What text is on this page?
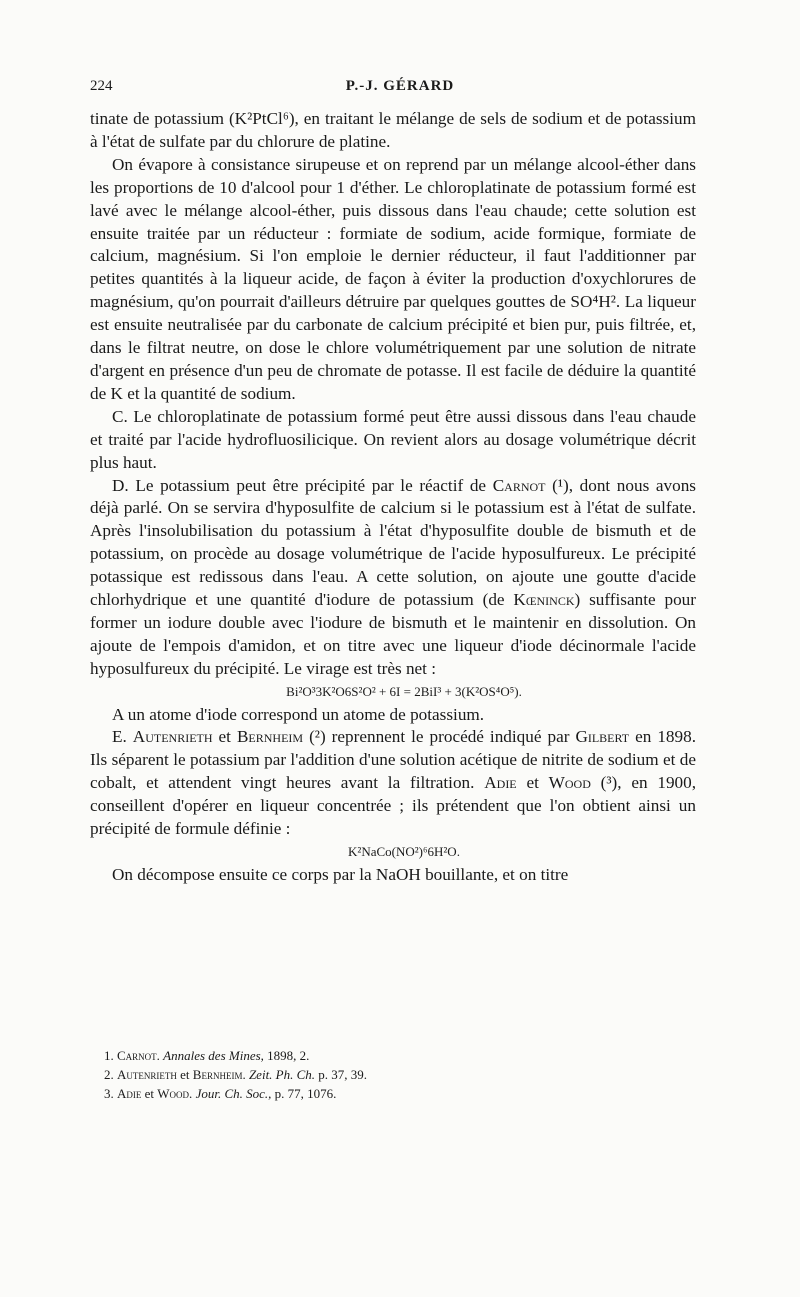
224	P.-J. GÉRARD

tinate de potassium (K²PtCl⁶), en traitant le mélange de sels de sodium et de potassium à l'état de sulfate par du chlorure de platine.

On évapore à consistance sirupeuse et on reprend par un mélange alcool-éther dans les proportions de 10 d'alcool pour 1 d'éther. Le chloroplatinate de potassium formé est lavé avec le mélange alcool-éther, puis dissous dans l'eau chaude; cette solution est ensuite traitée par un réducteur : formiate de sodium, acide formique, formiate de calcium, magnésium. Si l'on emploie le dernier réducteur, il faut l'additionner par petites quantités à la liqueur acide, de façon à éviter la production d'oxychlorures de magnésium, qu'on pourrait d'ailleurs détruire par quelques gouttes de SO⁴H². La liqueur est ensuite neutralisée par du carbonate de calcium précipité et bien pur, puis filtrée, et, dans le filtrat neutre, on dose le chlore volumétriquement par une solution de nitrate d'argent en présence d'un peu de chromate de potasse. Il est facile de déduire la quantité de K et la quantité de sodium.

C. Le chloroplatinate de potassium formé peut être aussi dissous dans l'eau chaude et traité par l'acide hydrofluosilicique. On revient alors au dosage volumétrique décrit plus haut.

D. Le potassium peut être précipité par le réactif de Carnot (¹), dont nous avons déjà parlé. On se servira d'hyposulfite de calcium si le potassium est à l'état de sulfate. Après l'insolubilisation du potassium à l'état d'hyposulfite double de bismuth et de potassium, on procède au dosage volumétrique de l'acide hyposulfureux. Le précipité potassique est redissous dans l'eau. A cette solution, on ajoute une goutte d'acide chlorhydrique et une quantité d'iodure de potassium (de Kœninck) suffisante pour former un iodure double avec l'iodure de bismuth et le maintenir en dissolution. On ajoute de l'empois d'amidon, et on titre avec une liqueur d'iode décinormale l'acide hyposulfureux du précipité. Le virage est très net :

Bi²O³3K²O6S²O² + 6I = 2BiI³ + 3(K²OS⁴O⁵).

A un atome d'iode correspond un atome de potassium.

E. Autenrieth et Bernheim (²) reprennent le procédé indiqué par Gilbert en 1898. Ils séparent le potassium par l'addition d'une solution acétique de nitrite de sodium et de cobalt, et attendent vingt heures avant la filtration. Adie et Wood (³), en 1900, conseillent d'opérer en liqueur concentrée ; ils prétendent que l'on obtient ainsi un précipité de formule définie :

K²NaCo(NO²)⁶6H²O.

On décompose ensuite ce corps par la NaOH bouillante, et on titre

1. Carnot. Annales des Mines, 1898, 2.

2. Autenrieth et Bernheim. Zeit. Ph. Ch. p. 37, 39.

3. Adie et Wood. Jour. Ch. Soc., p. 77, 1076.
